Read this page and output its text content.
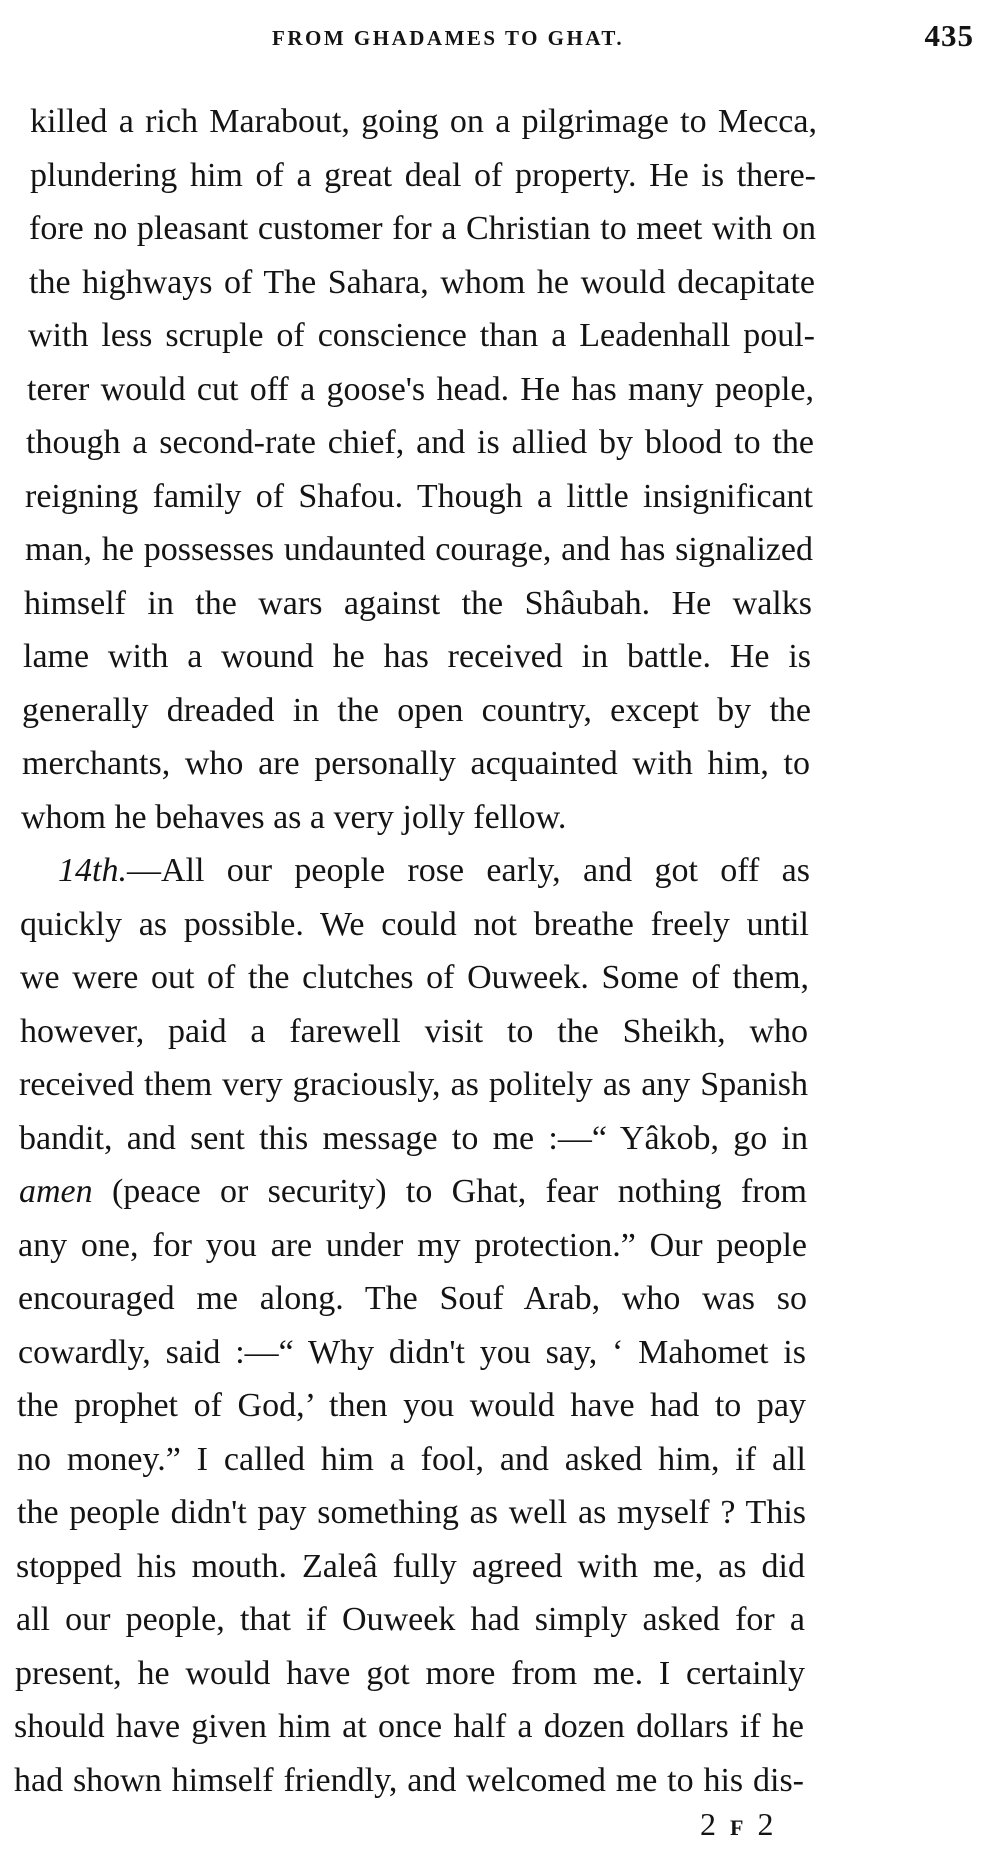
FROM GHADAMES TO GHAT.	435
killed a rich Marabout, going on a pilgrimage to Mecca,
plundering him of a great deal of property. He is there-
fore no pleasant customer for a Christian to meet with on
the highways of The Sahara, whom he would decapitate
with less scruple of conscience than a Leadenhall poul-
terer would cut off a goose's head. He has many people,
though a second-rate chief, and is allied by blood to the
reigning family of Shafou. Though a little insignificant
man, he possesses undaunted courage, and has signalized
himself in the wars against the Shâubah. He walks
lame with a wound he has received in battle. He is
generally dreaded in the open country, except by the
merchants, who are personally acquainted with him, to
whom he behaves as a very jolly fellow.
14th.—All our people rose early, and got off as
quickly as possible. We could not breathe freely until
we were out of the clutches of Ouweek. Some of them,
however, paid a farewell visit to the Sheikh, who
received them very graciously, as politely as any Spanish
bandit, and sent this message to me :—“ Yâkob, go in
amen (peace or security) to Ghat, fear nothing from
any one, for you are under my protection.” Our people
encouraged me along. The Souf Arab, who was so
cowardly, said :—“ Why didn't you say, ‘ Mahomet is
the prophet of God,’ then you would have had to pay
no money.” I called him a fool, and asked him, if all
the people didn't pay something as well as myself ? This
stopped his mouth. Zaleâ fully agreed with me, as did
all our people, that if Ouweek had simply asked for a
present, he would have got more from me. I certainly
should have given him at once half a dozen dollars if he
had shown himself friendly, and welcomed me to his dis-
2F2
